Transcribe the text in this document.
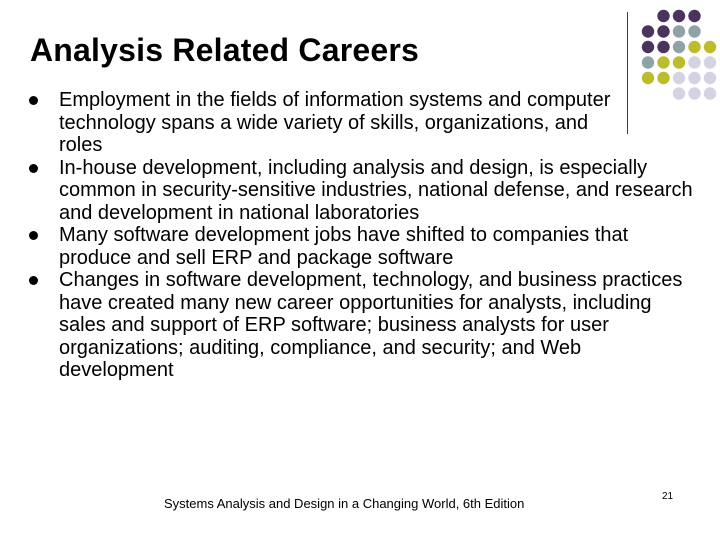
Analysis Related Careers
Employment in the fields of information systems and computer technology spans a wide variety of skills, organizations, and roles
In-house development, including analysis and design, is especially common in security-sensitive industries, national defense, and research and development in national laboratories
Many software development jobs have shifted to companies that produce and sell ERP and package software
Changes in software development, technology, and business practices have created many new career opportunities for analysts, including sales and support of ERP software; business analysts for user organizations; auditing, compliance, and security; and Web development
Systems Analysis and Design in a Changing World, 6th Edition	21
